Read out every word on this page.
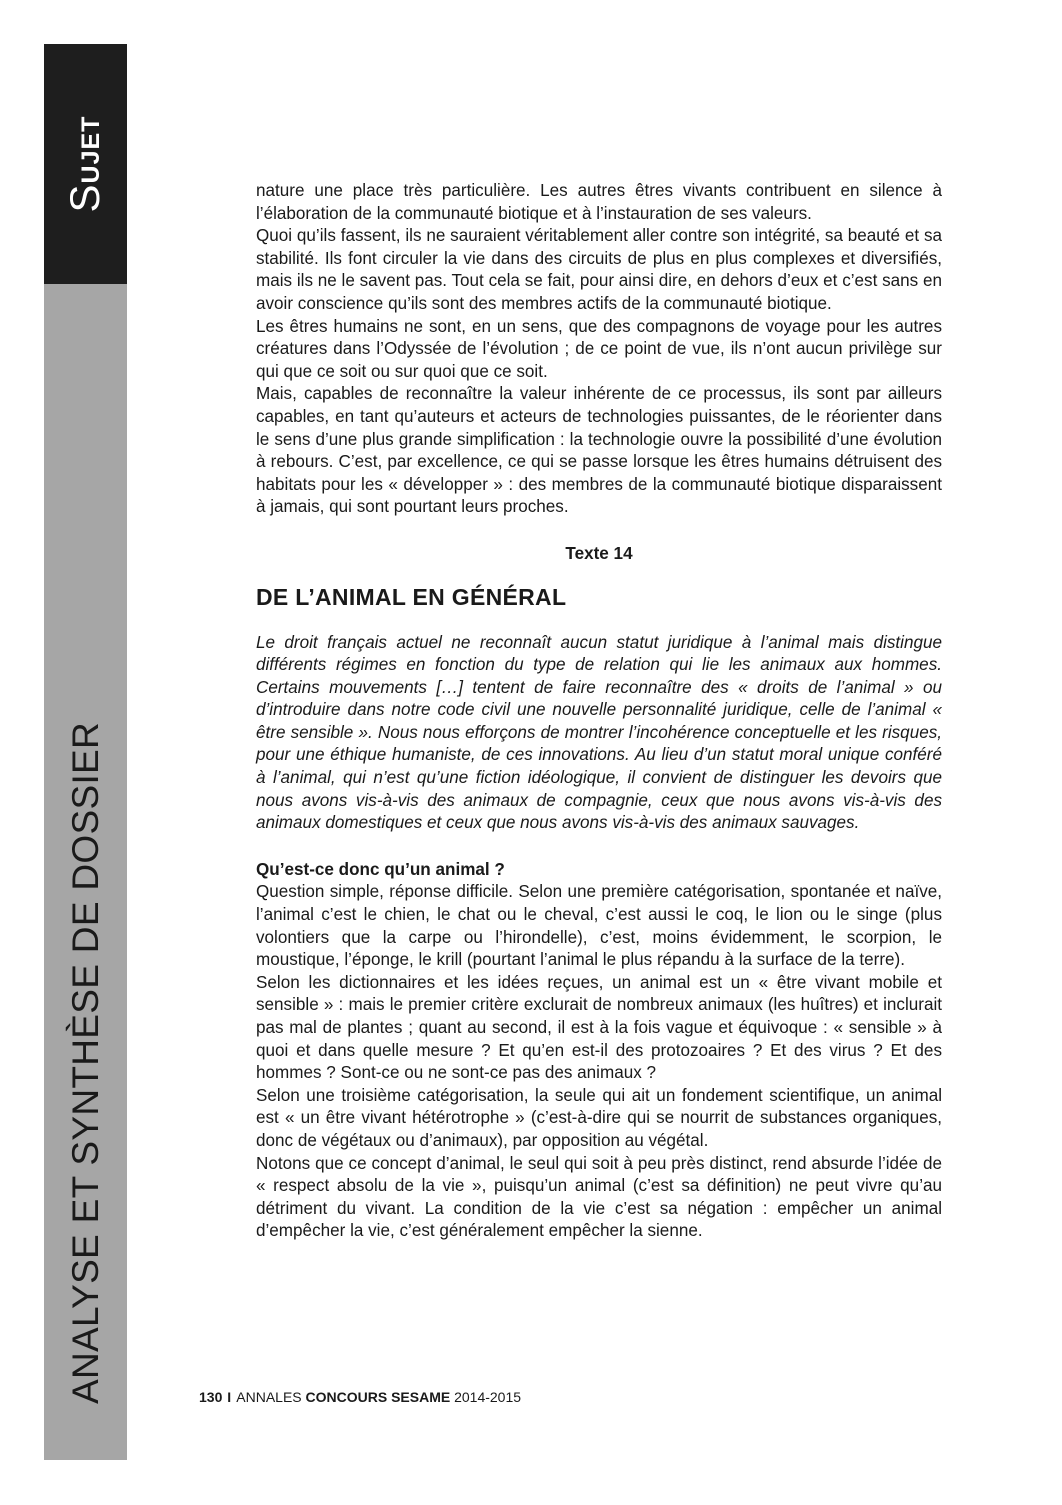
Sujet
ANALYSE ET SYNTHÈSE DE DOSSIER

nature une place très particulière. Les autres êtres vivants contribuent en silence à l’élaboration de la communauté biotique et à l’instauration de ses valeurs.

Quoi qu’ils fassent, ils ne sauraient véritablement aller contre son intégrité, sa beauté et sa stabilité. Ils font circuler la vie dans des circuits de plus en plus complexes et diversifiés, mais ils ne le savent pas. Tout cela se fait, pour ainsi dire, en dehors d’eux et c’est sans en avoir conscience qu’ils sont des membres actifs de la communauté biotique.

Les êtres humains ne sont, en un sens, que des compagnons de voyage pour les autres créatures dans l’Odyssée de l’évolution ; de ce point de vue, ils n’ont aucun privilège sur qui que ce soit ou sur quoi que ce soit.

Mais, capables de reconnaître la valeur inhérente de ce processus, ils sont par ailleurs capables, en tant qu’auteurs et acteurs de technologies puissantes, de le réorienter dans le sens d’une plus grande simplification : la technologie ouvre la possibilité d’une évolution à rebours. C’est, par excellence, ce qui se passe lorsque les êtres humains détruisent des habitats pour les « développer » : des membres de la communauté biotique disparaissent à jamais, qui sont pourtant leurs proches.

Texte 14

DE L’ANIMAL EN GÉNÉRAL

Le droit français actuel ne reconnaît aucun statut juridique à l’animal mais distingue différents régimes en fonction du type de relation qui lie les animaux aux hommes. Certains mouvements […] tentent de faire reconnaître des « droits de l’animal » ou d’introduire dans notre code civil une nouvelle personnalité juridique, celle de l’animal « être sensible ». Nous nous efforçons de montrer l’incohérence conceptuelle et les risques, pour une éthique humaniste, de ces innovations. Au lieu d’un statut moral unique conféré à l’animal, qui n’est qu’une fiction idéologique, il convient de distinguer les devoirs que nous avons vis-à-vis des animaux de compagnie, ceux que nous avons vis-à-vis des animaux domestiques et ceux que nous avons vis-à-vis des animaux sauvages.

Qu’est-ce donc qu’un animal ?

Question simple, réponse difficile. Selon une première catégorisation, spontanée et naïve, l’animal c’est le chien, le chat ou le cheval, c’est aussi le coq, le lion ou le singe (plus volontiers que la carpe ou l’hirondelle), c’est, moins évidemment, le scorpion, le moustique, l’éponge, le krill (pourtant l’animal le plus répandu à la surface de la terre).

Selon les dictionnaires et les idées reçues, un animal est un « être vivant mobile et sensible » : mais le premier critère exclurait de nombreux animaux (les huîtres) et inclurait pas mal de plantes ; quant au second, il est à la fois vague et équivoque : « sensible » à quoi et dans quelle mesure ? Et qu’en est-il des protozoaires ? Et des virus ? Et des hommes ? Sont-ce ou ne sont-ce pas des animaux ?

Selon une troisième catégorisation, la seule qui ait un fondement scientifique, un animal est « un être vivant hétérotrophe » (c’est-à-dire qui se nourrit de substances organiques, donc de végétaux ou d’animaux), par opposition au végétal.

Notons que ce concept d’animal, le seul qui soit à peu près distinct, rend absurde l’idée de « respect absolu de la vie », puisqu’un animal (c’est sa définition) ne peut vivre qu’au détriment du vivant. La condition de la vie c’est sa négation : empêcher un animal d’empêcher la vie, c’est généralement empêcher la sienne.

130 I ANNALES CONCOURS SESAME 2014-2015
